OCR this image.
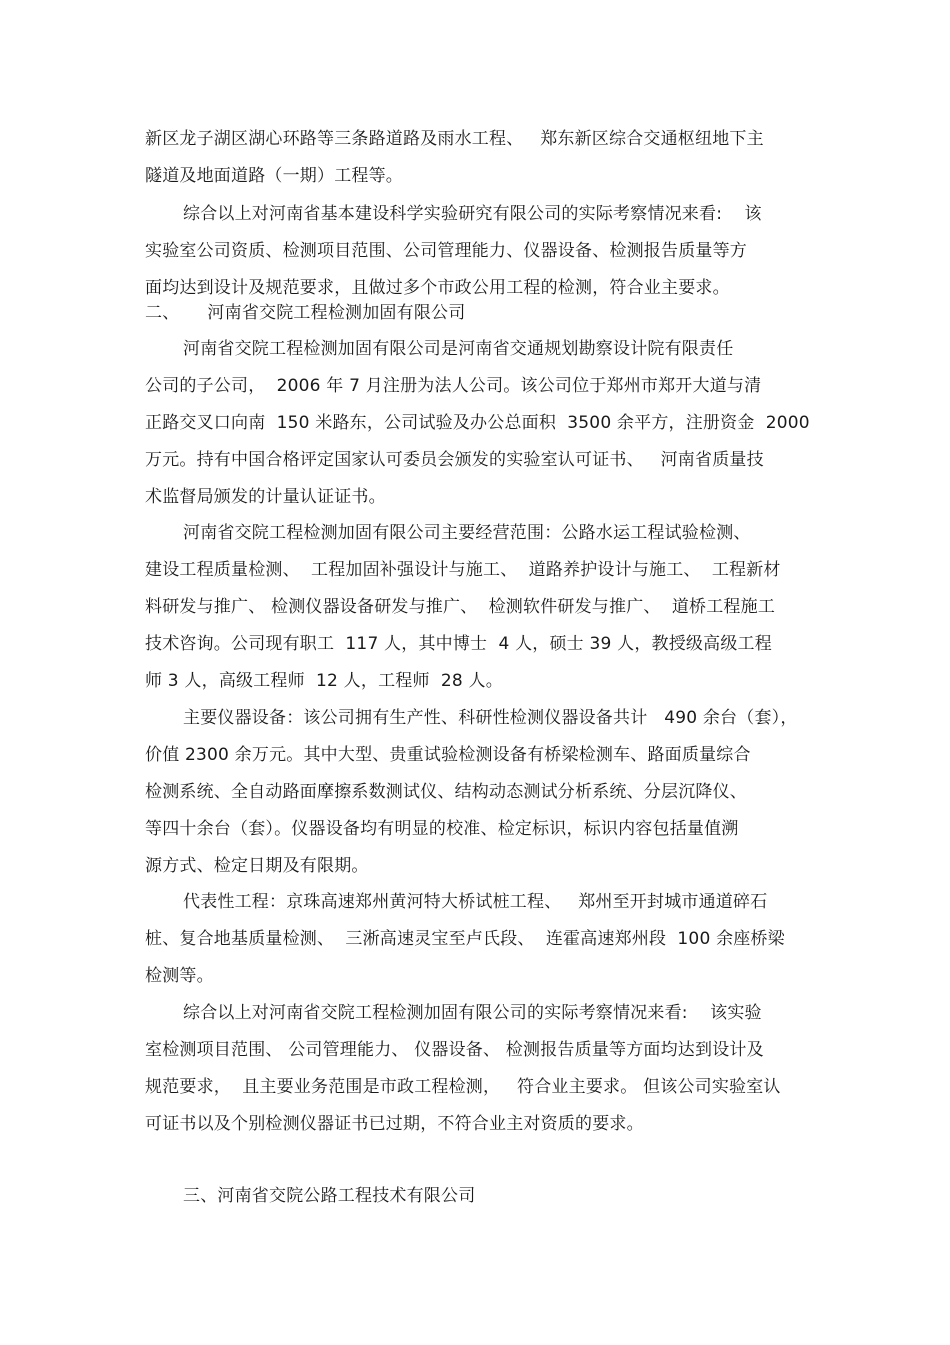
新区龙子湖区湖心环路等三条路道路及雨水工程、   郑东新区综合交通枢纽地下主
隧道及地面道路（一期）工程等。
综合以上对河南省基本建设科学实验研究有限公司的实际考察情况来看:    该
实验室公司资质、检测项目范围、公司管理能力、仪器设备、检测报告质量等方
面均达到设计及规范要求，且做过多个市政公用工程的检测，符合业主要求。
二、     河南省交院工程检测加固有限公司
河南省交院工程检测加固有限公司是河南省交通规划勘察设计院有限责任
公司的子公司，  2006 年 7 月注册为法人公司。该公司位于郑州市郑开大道与清
正路交叉口向南  150 米路东，公司试验及办公总面积  3500 余平方，注册资金  2000
万元。持有中国合格评定国家认可委员会颁发的实验室认可证书、   河南省质量技
术监督局颁发的计量认证证书。
河南省交院工程检测加固有限公司主要经营范围：公路水运工程试验检测、
建设工程质量检测、  工程加固补强设计与施工、  道路养护设计与施工、  工程新材
料研发与推广、 检测仪器设备研发与推广、  检测软件研发与推广、  道桥工程施工
技术咨询。公司现有职工  117 人，其中博士  4 人，硕士 39 人，教授级高级工程
师 3 人，高级工程师  12 人，工程师  28 人。
主要仪器设备：该公司拥有生产性、科研性检测仪器设备共计   490 余台（套），
价值 2300 余万元。其中大型、贵重试验检测设备有桥梁检测车、路面质量综合
检测系统、全自动路面摩擦系数测试仪、结构动态测试分析系统、分层沉降仪、
等四十余台（套）。仪器设备均有明显的校准、检定标识，标识内容包括量值溯
源方式、检定日期及有限期。
代表性工程：京珠高速郑州黄河特大桥试桩工程、   郑州至开封城市通道碎石
桩、复合地基质量检测、  三淅高速灵宝至卢氏段、  连霍高速郑州段  100 余座桥梁
检测等。
综合以上对河南省交院工程检测加固有限公司的实际考察情况来看:    该实验
室检测项目范围、 公司管理能力、 仪器设备、 检测报告质量等方面均达到设计及
规范要求，  且主要业务范围是市政工程检测，   符合业主要求。 但该公司实验室认
可证书以及个别检测仪器证书已过期，不符合业主对资质的要求。
三、河南省交院公路工程技术有限公司
